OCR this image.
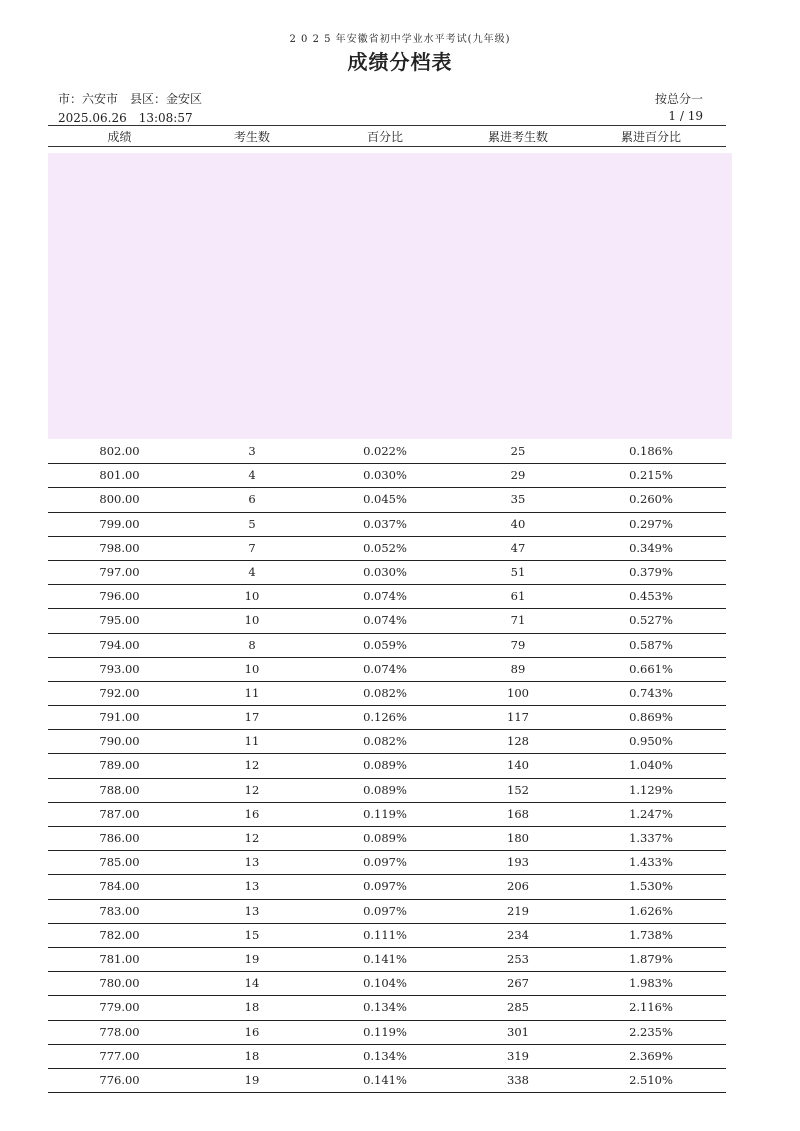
2 0 2 5 年安徽省初中学业水平考试(九年级)
成绩分档表
市：六安市　县区：金安区	按总分一
2025.06.26　13:08:57	1 / 19
成绩	考生数	百分比	累进考生数	累进百分比
802.00	3	0.022%	25	0.186%
801.00	4	0.030%	29	0.215%
800.00	6	0.045%	35	0.260%
799.00	5	0.037%	40	0.297%
798.00	7	0.052%	47	0.349%
797.00	4	0.030%	51	0.379%
796.00	10	0.074%	61	0.453%
795.00	10	0.074%	71	0.527%
794.00	8	0.059%	79	0.587%
793.00	10	0.074%	89	0.661%
792.00	11	0.082%	100	0.743%
791.00	17	0.126%	117	0.869%
790.00	11	0.082%	128	0.950%
789.00	12	0.089%	140	1.040%
788.00	12	0.089%	152	1.129%
787.00	16	0.119%	168	1.247%
786.00	12	0.089%	180	1.337%
785.00	13	0.097%	193	1.433%
784.00	13	0.097%	206	1.530%
783.00	13	0.097%	219	1.626%
782.00	15	0.111%	234	1.738%
781.00	19	0.141%	253	1.879%
780.00	14	0.104%	267	1.983%
779.00	18	0.134%	285	2.116%
778.00	16	0.119%	301	2.235%
777.00	18	0.134%	319	2.369%
776.00	19	0.141%	338	2.510%
